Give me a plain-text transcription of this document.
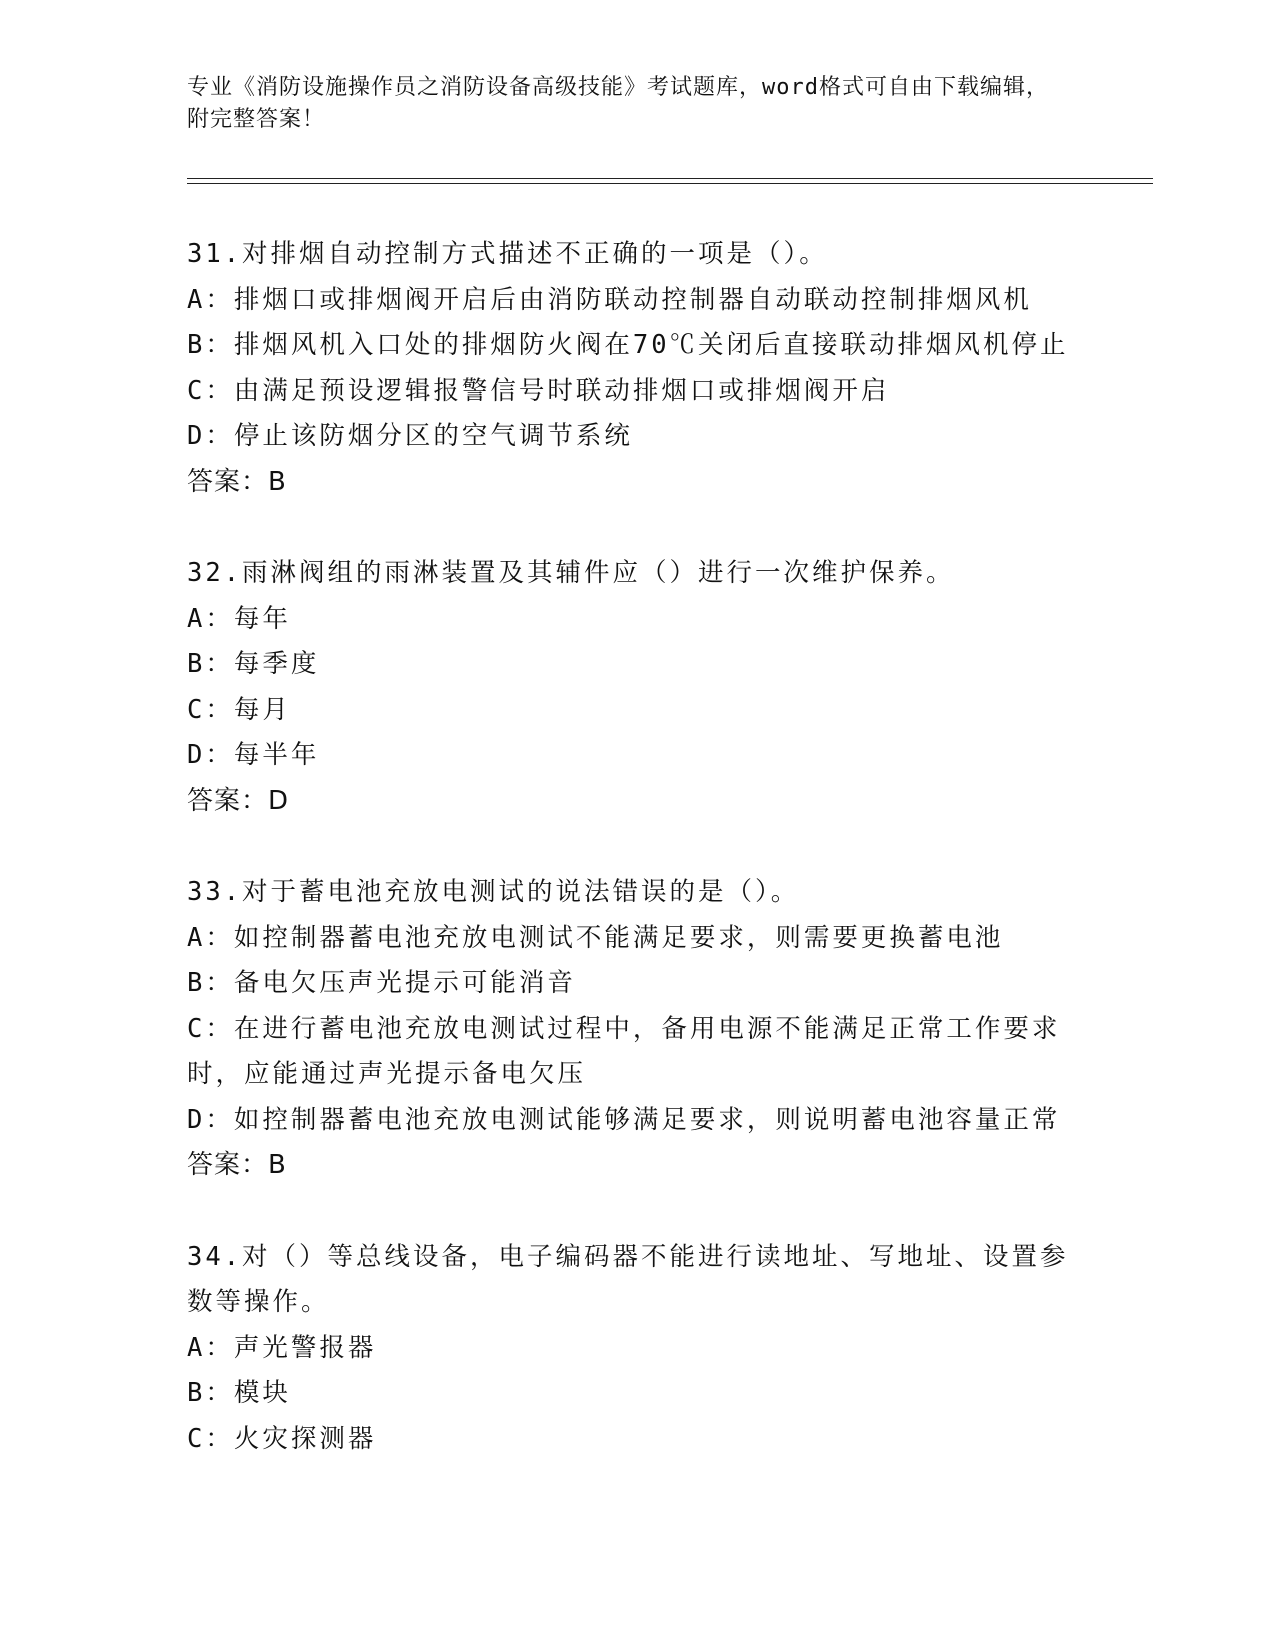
专业《消防设施操作员之消防设备高级技能》考试题库，word格式可自由下载编辑，附完整答案！
31.对排烟自动控制方式描述不正确的一项是（）。
A：排烟口或排烟阀开启后由消防联动控制器自动联动控制排烟风机
B：排烟风机入口处的排烟防火阀在70℃关闭后直接联动排烟风机停止
C：由满足预设逻辑报警信号时联动排烟口或排烟阀开启
D：停止该防烟分区的空气调节系统
答案：B
32.雨淋阀组的雨淋装置及其辅件应（）进行一次维护保养。
A：每年
B：每季度
C：每月
D：每半年
答案：D
33.对于蓄电池充放电测试的说法错误的是（）。
A：如控制器蓄电池充放电测试不能满足要求，则需要更换蓄电池
B：备电欠压声光提示可能消音
C：在进行蓄电池充放电测试过程中，备用电源不能满足正常工作要求时，应能通过声光提示备电欠压
D：如控制器蓄电池充放电测试能够满足要求，则说明蓄电池容量正常
答案：B
34.对（）等总线设备，电子编码器不能进行读地址、写地址、设置参数等操作。
A：声光警报器
B：模块
C：火灾探测器
